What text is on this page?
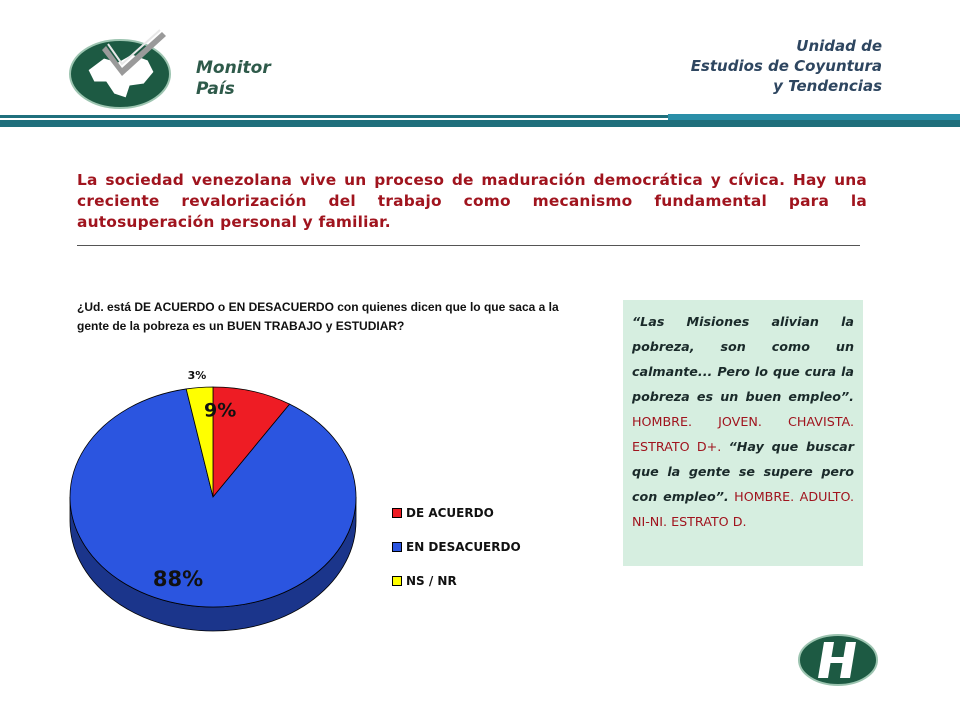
Monitor
País
Unidad de
Estudios de Coyuntura
y Tendencias
La sociedad venezolana vive un proceso de maduración democrática y cívica. Hay una creciente revalorización del trabajo como mecanismo fundamental para la autosuperación personal y familiar.
¿Ud. está DE ACUERDO o EN DESACUERDO con quienes dicen que lo que saca a la gente de la pobreza es un BUEN TRABAJO y ESTUDIAR?
9%
88%
3%
DE ACUERDO
EN DESACUERDO
NS / NR
“Las Misiones alivian la pobreza, son como un calmante... Pero lo que cura la pobreza es un buen empleo”. HOMBRE. JOVEN. CHAVISTA. ESTRATO D+. “Hay que buscar que la gente se supere pero con empleo”. HOMBRE. ADULTO. NI-NI. ESTRATO D.
